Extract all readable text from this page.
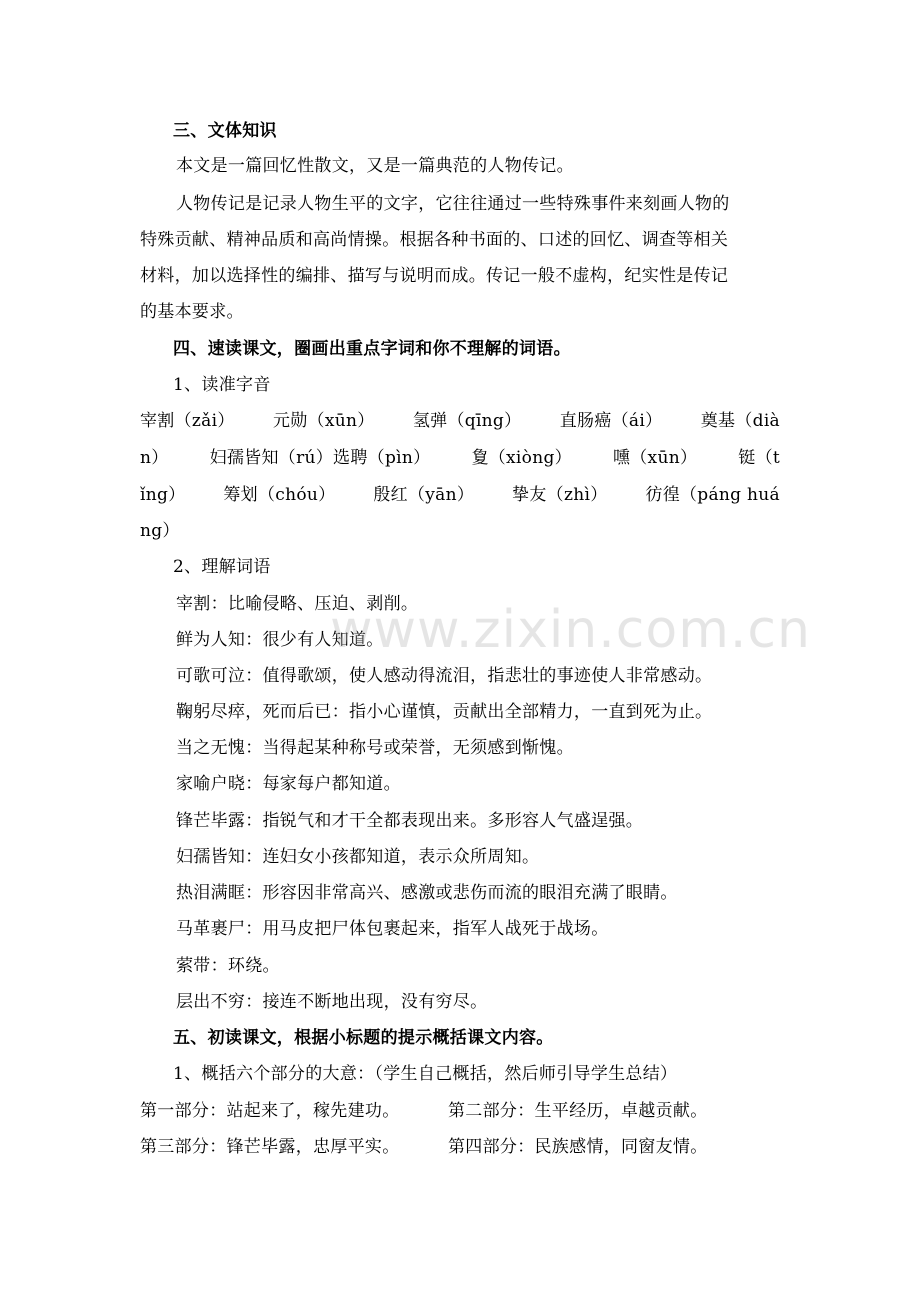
三、文体知识
本文是一篇回忆性散文，又是一篇典范的人物传记。
人物传记是记录人物生平的文字，它往往通过一些特殊事件来刻画人物的
特殊贡献、精神品质和高尚情操。根据各种书面的、口述的回忆、调查等相关
材料，加以选择性的编排、描写与说明而成。传记一般不虚构，纪实性是传记
的基本要求。
四、速读课文，圈画出重点字词和你不理解的词语。
1、读准字音
宰割（zǎi） 元勋（xūn） 氢弹（qīng） 直肠癌（ái） 奠基（dià
n） 妇孺皆知（rú）选聘（pìn） 夐（xiòng） 嚑（xūn） 铤（t
ǐng） 筹划（chóu） 殷红（yān） 挚友（zhì） 彷徨（páng huá
ng）
2、理解词语
宰割：比喻侵略、压迫、剥削。
鲜为人知：很少有人知道。
可歌可泣：值得歌颂，使人感动得流泪，指悲壮的事迹使人非常感动。
鞠躬尽瘁，死而后已：指小心谨慎，贡献出全部精力，一直到死为止。
当之无愧：当得起某种称号或荣誉，无须感到惭愧。
家喻户晓：每家每户都知道。
锋芒毕露：指锐气和才干全都表现出来。多形容人气盛逞强。
妇孺皆知：连妇女小孩都知道，表示众所周知。
热泪满眶：形容因非常高兴、感激或悲伤而流的眼泪充满了眼睛。
马革裹尸：用马皮把尸体包裹起来，指军人战死于战场。
萦带：环绕。
层出不穷：接连不断地出现，没有穷尽。
五、初读课文，根据小标题的提示概括课文内容。
1、概括六个部分的大意：（学生自己概括，然后师引导学生总结）
第一部分：站起来了，稼先建功。	第二部分：生平经历，卓越贡献。
第三部分：锋芒毕露，忠厚平实。	第四部分：民族感情，同窗友情。
www.zixin.com.cn
